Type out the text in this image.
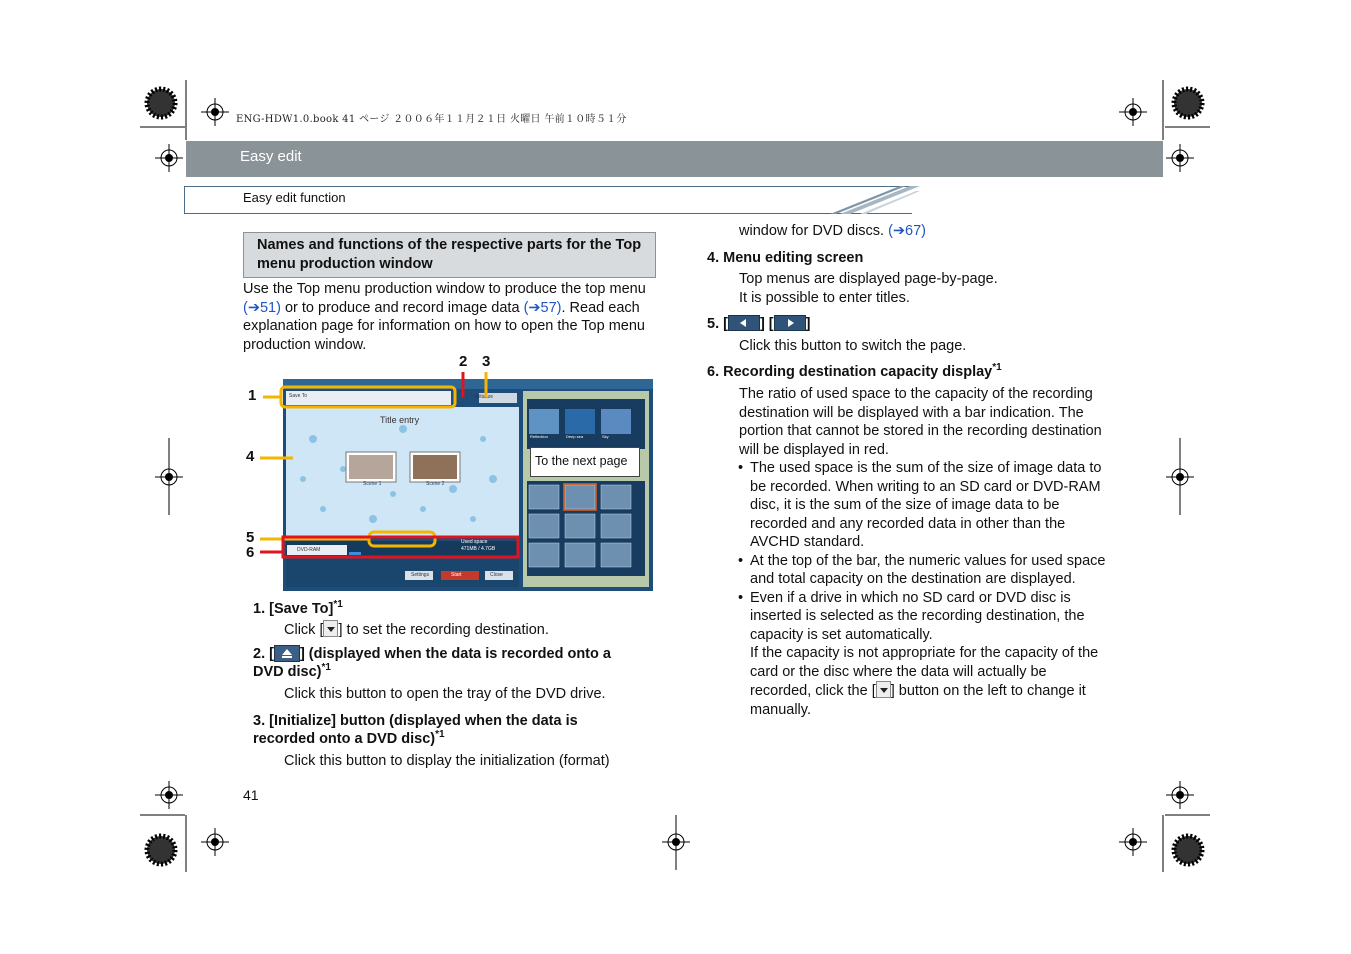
ENG-HDW1.0.book 41 ページ ２００６年１１月２１日 火曜日 午前１０時５１分
Easy edit
Easy edit function
Names and functions of the respective parts for the Top menu production window
Use the Top menu production window to produce the top menu (➔51) or to produce and record image data (➔57). Read each explanation page for information on how to open the Top menu production window.
Save To	Initialize
Title entry
Scene 1	Scene 2
To the next page
Reflection	Deep sea	Sky
Used space
471MB / 4.7GB
DVD-RAM
Settings	Start	Close
1
2 3
4
5
6
1. [Save To]$^{*1}$
Click [ ] to set the recording destination.
2. [ ] (displayed when the data is recorded onto a DVD disc)$^{*1}$
Click this button to open the tray of the DVD drive.
3. [Initialize] button (displayed when the data is recorded onto a DVD disc)$^{*1}$
Click this button to display the initialization (format)
41
window for DVD discs. (➔67)
4. Menu editing screen
Top menus are displayed page-by-page.
It is possible to enter titles.
5. [ ] [ ]
Click this button to switch the page.
6. Recording destination capacity display$^{*1}$
The ratio of used space to the capacity of the recording destination will be displayed with a bar indication. The portion that cannot be stored in the recording destination will be displayed in red.
• The used space is the sum of the size of image data to be recorded. When writing to an SD card or DVD-RAM disc, it is the sum of the size of image data to be recorded and any recorded data in other than the AVCHD standard.
• At the top of the bar, the numeric values for used space and total capacity on the destination are displayed.
• Even if a drive in which no SD card or DVD disc is inserted is selected as the recording destination, the capacity is set automatically.
If the capacity is not appropriate for the capacity of the card or the disc where the data will actually be recorded, click the [ ] button on the left to change it manually.
